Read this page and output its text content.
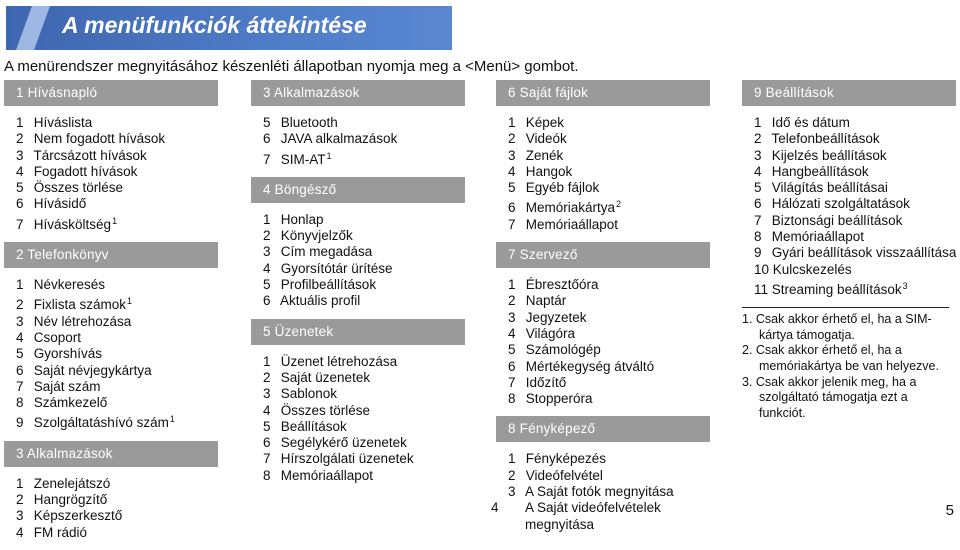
A menüfunkciók áttekintése
A menürendszer megnyitásához készenléti állapotban nyomja meg a <Menü> gombot.
1 Hívásnapló
1 Híváslista
2 Nem fogadott hívások
3 Tárcsázott hívások
4 Fogadott hívások
5 Összes törlése
6 Hívásidő
7 Hívásköltség$^1$
2 Telefonkönyv
1 Névkeresés
2 Fixlista számok$^1$
3 Név létrehozása
4 Csoport
5 Gyorshívás
6 Saját névjegykártya
7 Saját szám
8 Számkezelő
9 Szolgáltatáshívó szám$^1$
3 Alkalmazások
1 Zenelejátszó
2 Hangrögzítő
3 Képszerkesztő
4 FM rádió
3 Alkalmazások
5 Bluetooth
6 JAVA alkalmazások
7 SIM-$AT^1$
4 Böngésző
1 Honlap
2 Könyvjelzők
3 Cím megadása
4 Gyorsítótár ürítése
5 Profilbeállítások
6 Aktuális profil
5 Üzenetek
1 Üzenet létrehozása
2 Saját üzenetek
3 Sablonok
4 Összes törlése
5 Beállítások
6 Segélykérő üzenetek
7 Hírszolgálati üzenetek
8 Memóriaállapot
6 Saját fájlok
1 Képek
2 Videók
3 Zenék
4 Hangok
5 Egyéb fájlok
6 Memóriakártya$^2$
7 Memóriaállapot
7 Szervező
1 Ébresztőóra
2 Naptár
3 Jegyzetek
4 Világóra
5 Számológép
6 Mértékegység átváltó
7 Időzítő
8 Stopperóra
8 Fényképező
1 Fényképezés
2 Videófelvétel
3 A Saját fotók megnyitása
4 A Saját videófelvételek megnyitása
9 Beállítások
1 Idő és dátum
2 Telefonbeállítások
3 Kijelzés beállítások
4 Hangbeállítások
5 Világítás beállításai
6 Hálózati szolgáltatások
7 Biztonsági beállítások
8 Memóriaállapot
9 Gyári beállítások visszaállítása
10 Kulcskezelés
11 Streaming beállítások$^3$
1. Csak akkor érhető el, ha a SIM-kártya támogatja.
2. Csak akkor érhető el, ha a memóriakártya be van helyezve.
3. Csak akkor jelenik meg, ha a szolgáltató támogatja ezt a funkciót.
5
